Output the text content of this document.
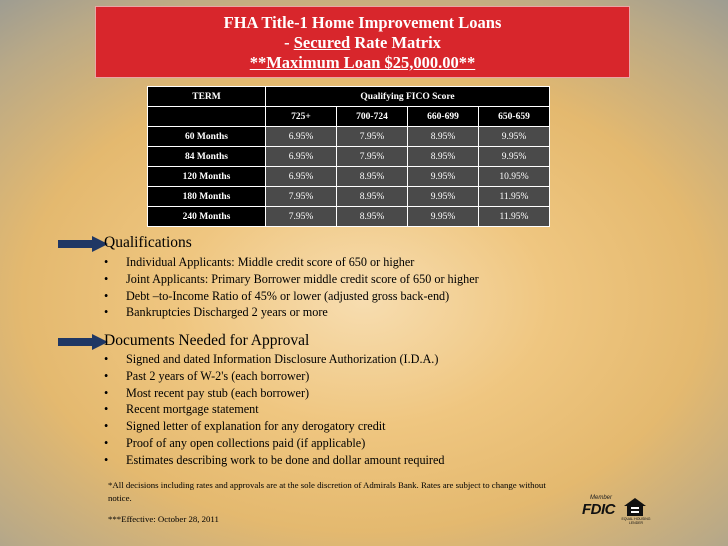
FHA Title-1 Home Improvement Loans
- Secured Rate Matrix
**Maximum Loan $25,000.00**
TERM	Qualifying FICO Score			
	725+	700-724	660-699	650-659
60 Months	6.95%	7.95%	8.95%	9.95%
84 Months	6.95%	7.95%	8.95%	9.95%
120 Months	6.95%	8.95%	9.95%	10.95%
180 Months	7.95%	8.95%	9.95%	11.95%
240 Months	7.95%	8.95%	9.95%	11.95%
Qualifications
• Individual Applicants: Middle credit score of 650 or higher
• Joint Applicants: Primary Borrower middle credit score of 650 or higher
• Debt –to-Income Ratio of 45% or lower (adjusted gross back-end)
• Bankruptcies Discharged 2 years or more
Documents Needed for Approval
• Signed and dated Information Disclosure Authorization (I.D.A.)
• Past 2 years of W-2's (each borrower)
• Most recent pay stub (each borrower)
• Recent mortgage statement
• Signed letter of explanation for any derogatory credit
• Proof of any open collections paid (if applicable)
• Estimates describing work to be done and dollar amount required
*All decisions including rates and approvals are at the sole discretion of Admirals Bank. Rates are subject to change without notice.
***Effective: October 28, 2011
Member
FDIC
EQUAL HOUSING LENDER
